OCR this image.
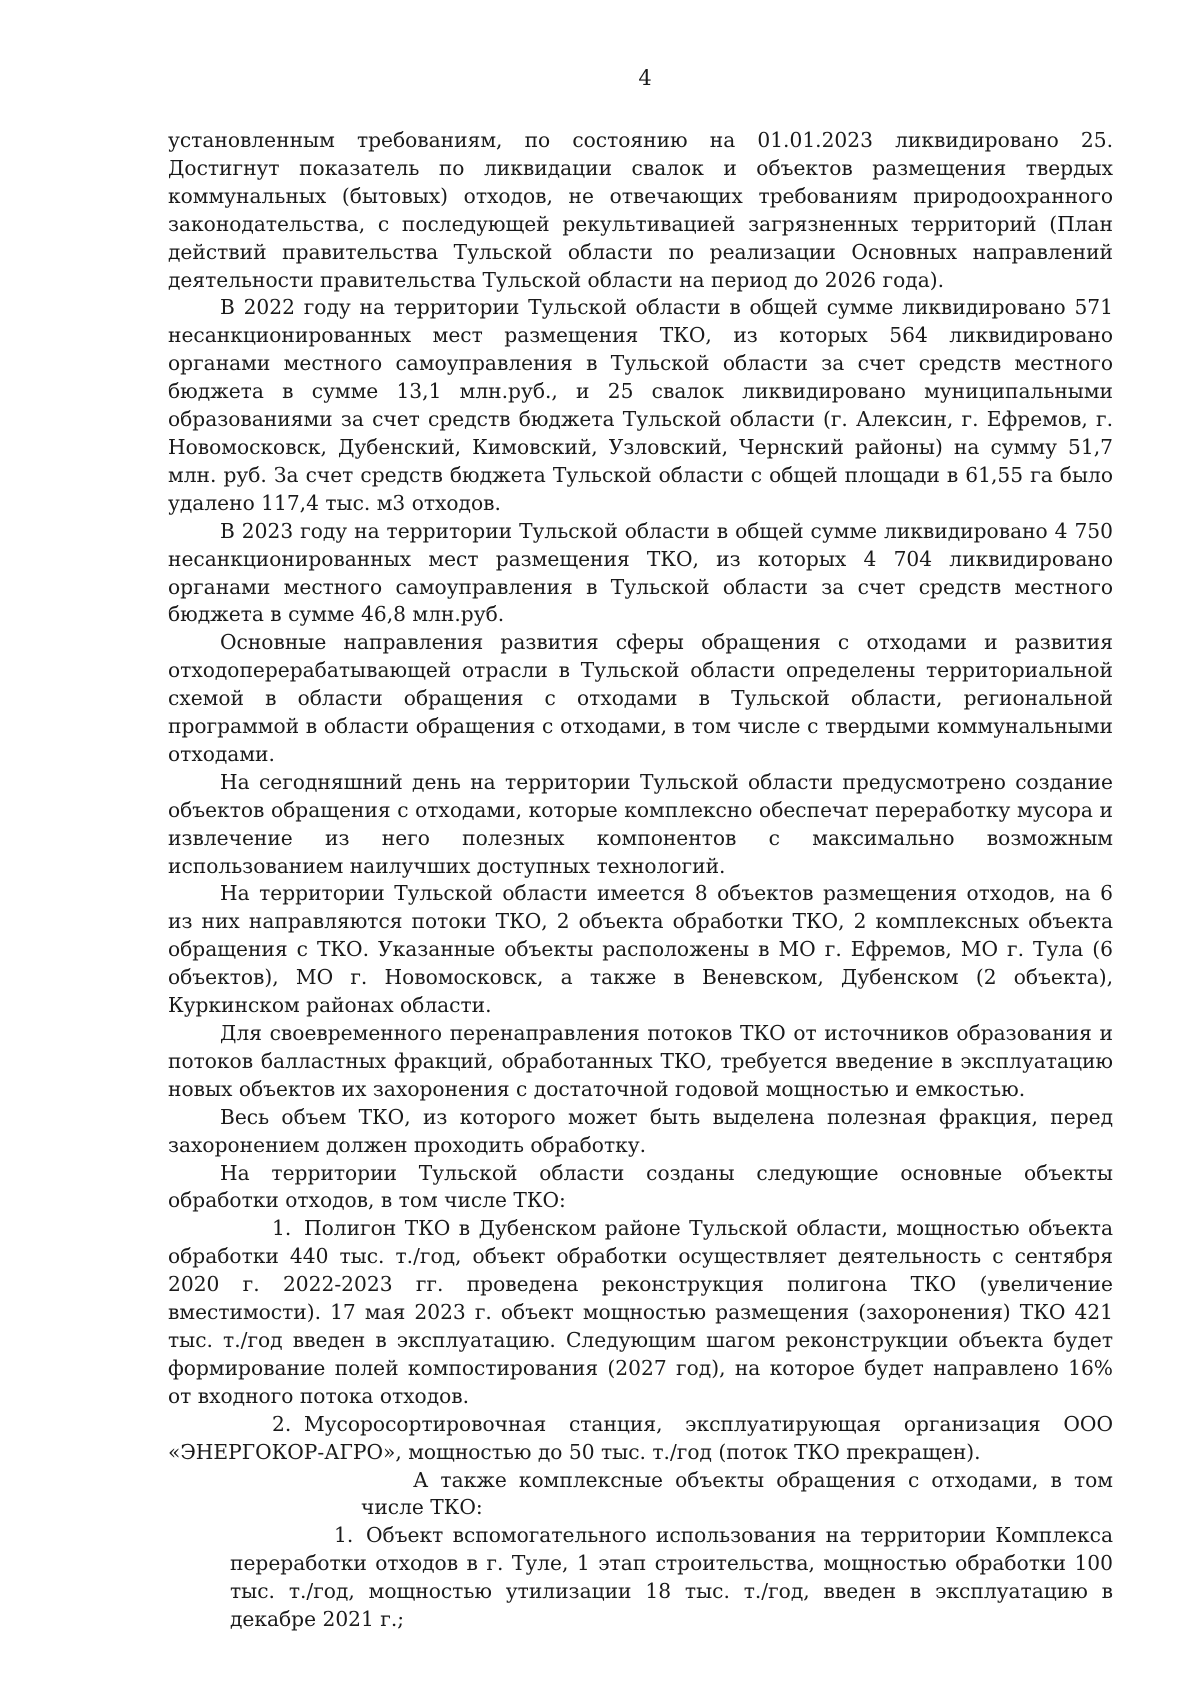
4

установленным требованиям, по состоянию на 01.01.2023 ликвидировано 25. Достигнут показатель по ликвидации свалок и объектов размещения твердых коммунальных (бытовых) отходов, не отвечающих требованиям природоохранного законодательства, с последующей рекультивацией загрязненных территорий (План действий правительства Тульской области по реализации Основных направлений деятельности правительства Тульской области на период до 2026 года).

В 2022 году на территории Тульской области в общей сумме ликвидировано 571 несанкционированных мест размещения ТКО, из которых 564 ликвидировано органами местного самоуправления в Тульской области за счет средств местного бюджета в сумме 13,1 млн.руб., и 25 свалок ликвидировано муниципальными образованиями за счет средств бюджета Тульской области (г. Алексин, г. Ефремов, г. Новомосковск, Дубенский, Кимовский, Узловский, Чернский районы) на сумму 51,7 млн. руб. За счет средств бюджета Тульской области с общей площади в 61,55 га было удалено 117,4 тыс. м3 отходов.

В 2023 году на территории Тульской области в общей сумме ликвидировано 4 750 несанкционированных мест размещения ТКО, из которых 4 704 ликвидировано органами местного самоуправления в Тульской области за счет средств местного бюджета в сумме 46,8 млн.руб.

Основные направления развития сферы обращения с отходами и развития отходоперерабатывающей отрасли в Тульской области определены территориальной схемой в области обращения с отходами в Тульской области, региональной программой в области обращения с отходами, в том числе с твердыми коммунальными отходами.

На сегодняшний день на территории Тульской области предусмотрено создание объектов обращения с отходами, которые комплексно обеспечат переработку мусора и извлечение из него полезных компонентов с максимально возможным использованием наилучших доступных технологий.

На территории Тульской области имеется 8 объектов размещения отходов, на 6 из них направляются потоки ТКО, 2 объекта обработки ТКО, 2 комплексных объекта обращения с ТКО. Указанные объекты расположены в МО г. Ефремов, МО г. Тула (6 объектов), МО г. Новомосковск, а также в Веневском, Дубенском (2 объекта), Куркинском районах области.

Для своевременного перенаправления потоков ТКО от источников образования и потоков балластных фракций, обработанных ТКО, требуется введение в эксплуатацию новых объектов их захоронения с достаточной годовой мощностью и емкостью.

Весь объем ТКО, из которого может быть выделена полезная фракция, перед захоронением должен проходить обработку.

На территории Тульской области созданы следующие основные объекты обработки отходов, в том числе ТКО:

1. Полигон ТКО в Дубенском районе Тульской области, мощностью объекта обработки 440 тыс. т./год, объект обработки осуществляет деятельность с сентября 2020 г. 2022-2023 гг. проведена реконструкция полигона ТКО (увеличение вместимости). 17 мая 2023 г. объект мощностью размещения (захоронения) ТКО 421 тыс. т./год введен в эксплуатацию. Следующим шагом реконструкции объекта будет формирование полей компостирования (2027 год), на которое будет направлено 16% от входного потока отходов.

2. Мусоросортировочная станция, эксплуатирующая организация ООО «ЭНЕРГОКОР-АГРО», мощностью до 50 тыс. т./год (поток ТКО прекращен).

А также комплексные объекты обращения с отходами, в том числе ТКО:

1. Объект вспомогательного использования на территории Комплекса переработки отходов в г. Туле, 1 этап строительства, мощностью обработки 100 тыс. т./год, мощностью утилизации 18 тыс. т./год, введен в эксплуатацию в декабре 2021 г.;
